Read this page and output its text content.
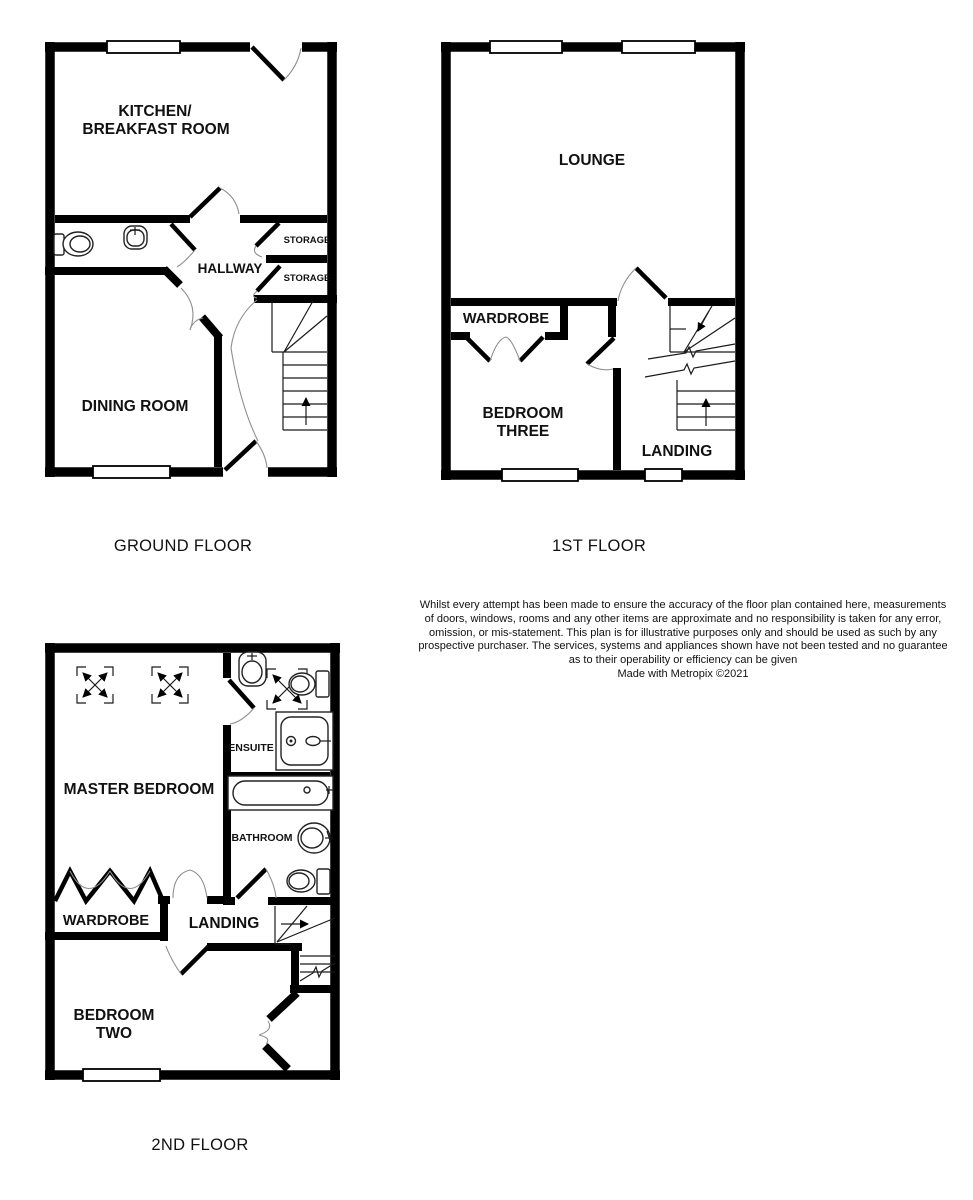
KITCHEN/
BREAKFAST ROOM
HALLWAY
STORAGE
STORAGE
DINING ROOM
LOUNGE
WARDROBE
BEDROOM
THREE
LANDING
MASTER BEDROOM
ENSUITE
BATHROOM
WARDROBE	LANDING
BEDROOM
TWO
GROUND FLOOR	1ST FLOOR
2ND FLOOR
Whilst every attempt has been made to ensure the accuracy of the floor plan contained here, measurements
of doors, windows, rooms and any other items are approximate and no responsibility is taken for any error,
omission, or mis-statement. This plan is for illustrative purposes only and should be used as such by any
prospective purchaser. The services, systems and appliances shown have not been tested and no guarantee
as to their operability or efficiency can be given
Made with Metropix ©2021
